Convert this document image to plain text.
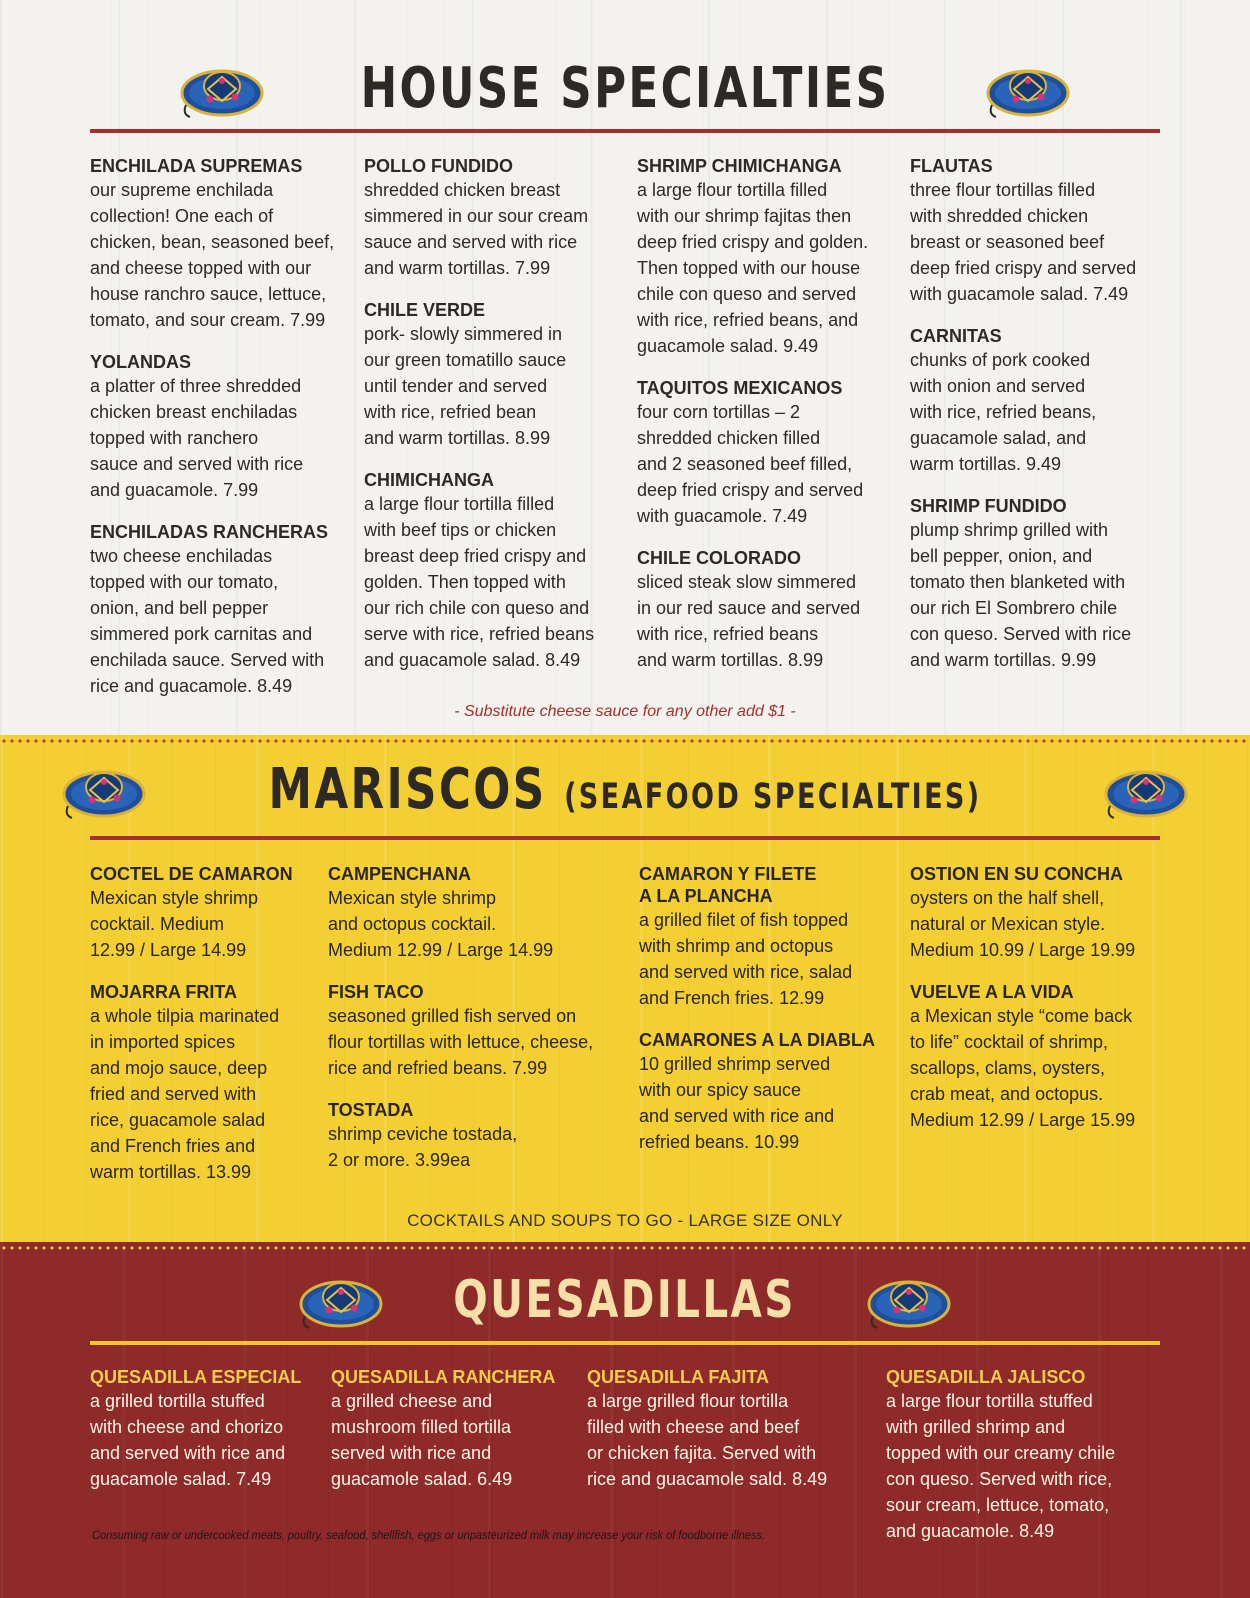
HOUSE SPECIALTIES
ENCHILADA SUPREMAS
our supreme enchilada
collection! One each of
chicken, bean, seasoned beef,
and cheese topped with our
house ranchro sauce, lettuce,
tomato, and sour cream. 7.99
YOLANDAS
a platter of three shredded
chicken breast enchiladas
topped with ranchero
sauce and served with rice
and guacamole. 7.99
ENCHILADAS RANCHERAS
two cheese enchiladas
topped with our tomato,
onion, and bell pepper
simmered pork carnitas and
enchilada sauce. Served with
rice and guacamole. 8.49
POLLO FUNDIDO
shredded chicken breast
simmered in our sour cream
sauce and served with rice
and warm tortillas. 7.99
CHILE VERDE
pork- slowly simmered in
our green tomatillo sauce
until tender and served
with rice, refried bean
and warm tortillas. 8.99
CHIMICHANGA
a large flour tortilla filled
with beef tips or chicken
breast deep fried crispy and
golden. Then topped with
our rich chile con queso and
serve with rice, refried beans
and guacamole salad. 8.49
SHRIMP CHIMICHANGA
a large flour tortilla filled
with our shrimp fajitas then
deep fried crispy and golden.
Then topped with our house
chile con queso and served
with rice, refried beans, and
guacamole salad. 9.49
TAQUITOS MEXICANOS
four corn tortillas – 2
shredded chicken filled
and 2 seasoned beef filled,
deep fried crispy and served
with guacamole. 7.49
CHILE COLORADO
sliced steak slow simmered
in our red sauce and served
with rice, refried beans
and warm tortillas. 8.99
FLAUTAS
three flour tortillas filled
with shredded chicken
breast or seasoned beef
deep fried crispy and served
with guacamole salad. 7.49
CARNITAS
chunks of pork cooked
with onion and served
with rice, refried beans,
guacamole salad, and
warm tortillas. 9.49
SHRIMP FUNDIDO
plump shrimp grilled with
bell pepper, onion, and
tomato then blanketed with
our rich El Sombrero chile
con queso. Served with rice
and warm tortillas. 9.99
- Substitute cheese sauce for any other add $1 -
MARISCOS (SEAFOOD SPECIALTIES)
COCTEL DE CAMARON
Mexican style shrimp
cocktail. Medium
12.99 / Large 14.99
MOJARRA FRITA
a whole tilpia marinated
in imported spices
and mojo sauce, deep
fried and served with
rice, guacamole salad
and French fries and
warm tortillas. 13.99
CAMPENCHANA
Mexican style shrimp
and octopus cocktail.
Medium 12.99 / Large 14.99
FISH TACO
seasoned grilled fish served on
flour tortillas with lettuce, cheese,
rice and refried beans. 7.99
TOSTADA
shrimp ceviche tostada,
2 or more. 3.99ea
CAMARON Y FILETE
A LA PLANCHA
a grilled filet of fish topped
with shrimp and octopus
and served with rice, salad
and French fries. 12.99
CAMARONES A LA DIABLA
10 grilled shrimp served
with our spicy sauce
and served with rice and
refried beans. 10.99
OSTION EN SU CONCHA
oysters on the half shell,
natural or Mexican style.
Medium 10.99 / Large 19.99
VUELVE A LA VIDA
a Mexican style “come back
to life” cocktail of shrimp,
scallops, clams, oysters,
crab meat, and octopus.
Medium 12.99 / Large 15.99
COCKTAILS AND SOUPS TO GO - LARGE SIZE ONLY
QUESADILLAS
QUESADILLA ESPECIAL
a grilled tortilla stuffed
with cheese and chorizo
and served with rice and
guacamole salad. 7.49
QUESADILLA RANCHERA
a grilled cheese and
mushroom filled tortilla
served with rice and
guacamole salad. 6.49
QUESADILLA FAJITA
a large grilled flour tortilla
filled with cheese and beef
or chicken fajita. Served with
rice and guacamole sald. 8.49
QUESADILLA JALISCO
a large flour tortilla stuffed
with grilled shrimp and
topped with our creamy chile
con queso. Served with rice,
sour cream, lettuce, tomato,
and guacamole. 8.49
Consuming raw or undercooked meats, poultry, seafood, shellfish, eggs or unpasteurized milk may increase your risk of foodborne illness.
